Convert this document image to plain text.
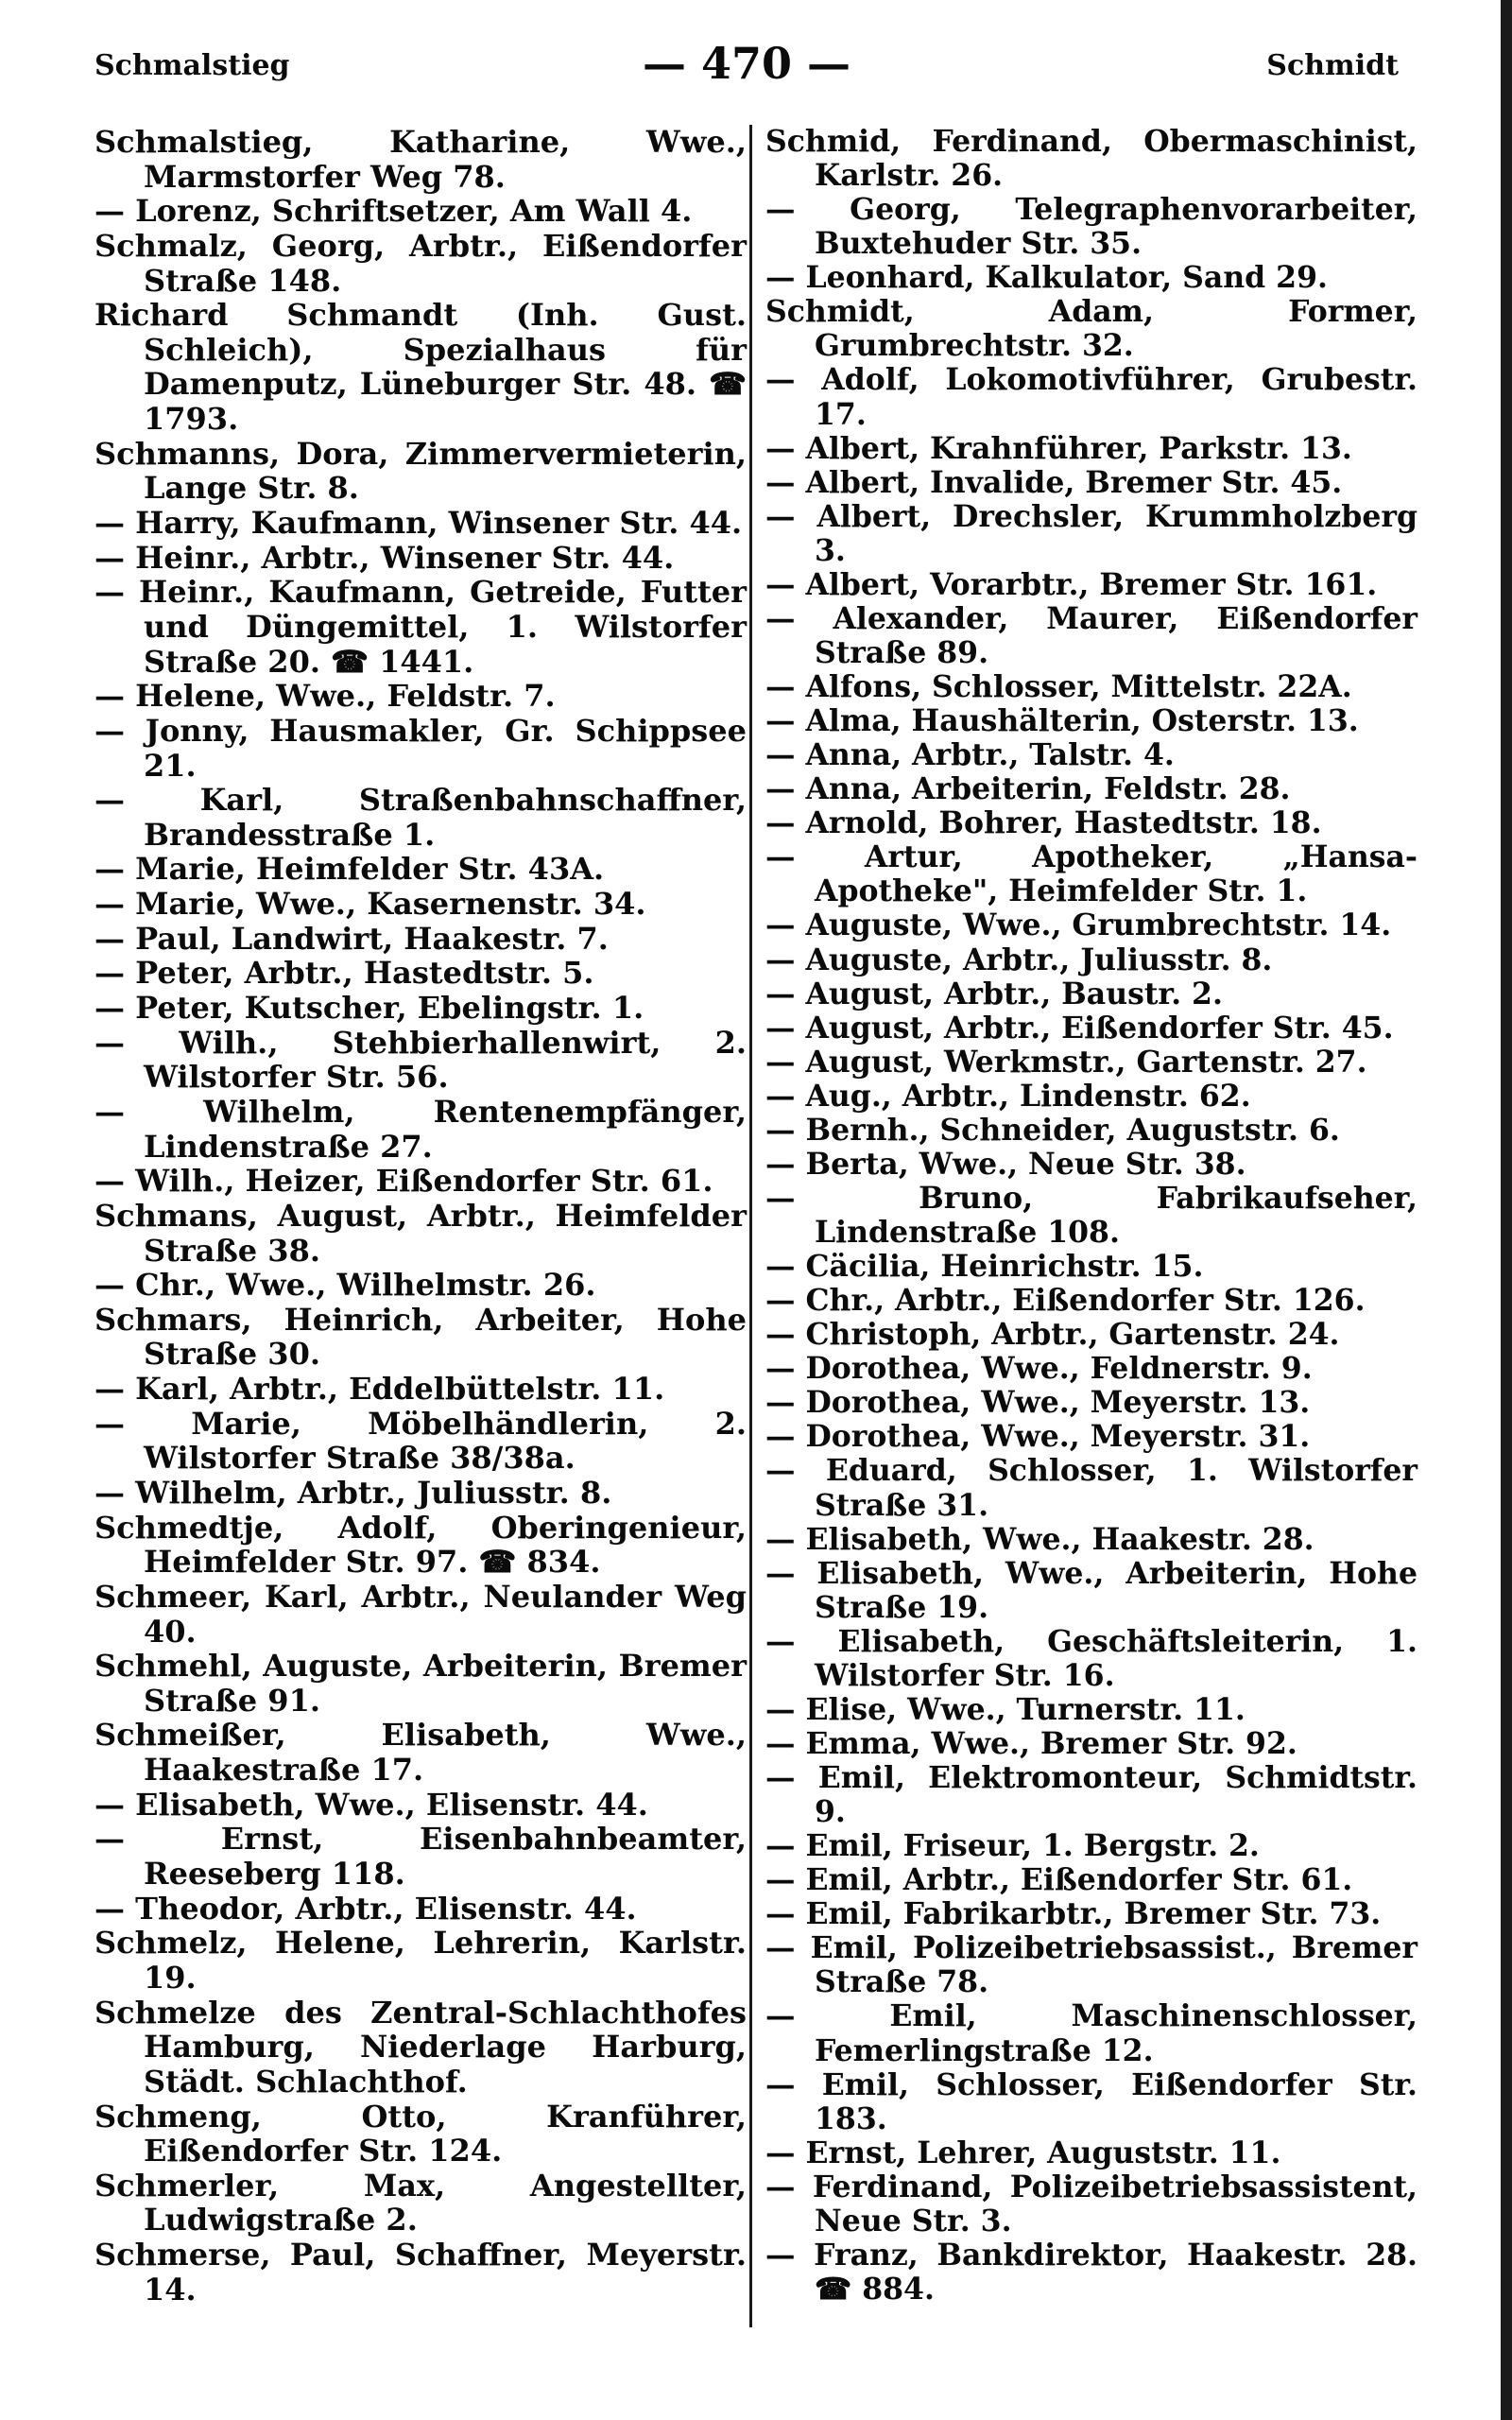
Schmalstieg	— 470 —	Schmidt

Schmalstieg, Katharine, Wwe., Marmstorfer Weg 78.

— Lorenz, Schriftsetzer, Am Wall 4.

Schmalz, Georg, Arbtr., Eißendorfer Straße 148.

Richard Schmandt (Inh. Gust. Schleich), Spezialhaus für Damenputz, Lüneburger Str. 48. ☎ 1793.

Schmanns, Dora, Zimmervermieterin, Lange Str. 8.

— Harry, Kaufmann, Winsener Str. 44.

— Heinr., Arbtr., Winsener Str. 44.

— Heinr., Kaufmann, Getreide, Futter und Düngemittel, 1. Wilstorfer Straße 20. ☎ 1441.

— Helene, Wwe., Feldstr. 7.

— Jonny, Hausmakler, Gr. Schippsee 21.

— Karl, Straßenbahnschaffner, Brandesstraße 1.

— Marie, Heimfelder Str. 43A.

— Marie, Wwe., Kasernenstr. 34.

— Paul, Landwirt, Haakestr. 7.

— Peter, Arbtr., Hastedtstr. 5.

— Peter, Kutscher, Ebelingstr. 1.

— Wilh., Stehbierhallenwirt, 2. Wilstorfer Str. 56.

— Wilhelm, Rentenempfänger, Lindenstraße 27.

— Wilh., Heizer, Eißendorfer Str. 61.

Schmans, August, Arbtr., Heimfelder Straße 38.

— Chr., Wwe., Wilhelmstr. 26.

Schmars, Heinrich, Arbeiter, Hohe Straße 30.

— Karl, Arbtr., Eddelbüttelstr. 11.

— Marie, Möbelhändlerin, 2. Wilstorfer Straße 38/38a.

— Wilhelm, Arbtr., Juliusstr. 8.

Schmedtje, Adolf, Oberingenieur, Heimfelder Str. 97. ☎ 834.

Schmeer, Karl, Arbtr., Neulander Weg 40.

Schmehl, Auguste, Arbeiterin, Bremer Straße 91.

Schmeißer, Elisabeth, Wwe., Haakestraße 17.

— Elisabeth, Wwe., Elisenstr. 44.

— Ernst, Eisenbahnbeamter, Reeseberg 118.

— Theodor, Arbtr., Elisenstr. 44.

Schmelz, Helene, Lehrerin, Karlstr. 19.

Schmelze des Zentral-Schlachthofes Hamburg, Niederlage Harburg, Städt. Schlachthof.

Schmeng, Otto, Kranführer, Eißendorfer Str. 124.

Schmerler, Max, Angestellter, Ludwigstraße 2.

Schmerse, Paul, Schaffner, Meyerstr. 14.

Schmid, Ferdinand, Obermaschinist, Karlstr. 26.

— Georg, Telegraphenvorarbeiter, Buxtehuder Str. 35.

— Leonhard, Kalkulator, Sand 29.

Schmidt, Adam, Former, Grumbrechtstr. 32.

— Adolf, Lokomotivführer, Grubestr. 17.

— Albert, Krahnführer, Parkstr. 13.

— Albert, Invalide, Bremer Str. 45.

— Albert, Drechsler, Krummholzberg 3.

— Albert, Vorarbtr., Bremer Str. 161.

— Alexander, Maurer, Eißendorfer Straße 89.

— Alfons, Schlosser, Mittelstr. 22A.

— Alma, Haushälterin, Osterstr. 13.

— Anna, Arbtr., Talstr. 4.

— Anna, Arbeiterin, Feldstr. 28.

— Arnold, Bohrer, Hastedtstr. 18.

— Artur, Apotheker, „Hansa-Apotheke", Heimfelder Str. 1.

— Auguste, Wwe., Grumbrechtstr. 14.

— Auguste, Arbtr., Juliusstr. 8.

— August, Arbtr., Baustr. 2.

— August, Arbtr., Eißendorfer Str. 45.

— August, Werkmstr., Gartenstr. 27.

— Aug., Arbtr., Lindenstr. 62.

— Bernh., Schneider, Auguststr. 6.

— Berta, Wwe., Neue Str. 38.

— Bruno, Fabrikaufseher, Lindenstraße 108.

— Cäcilia, Heinrichstr. 15.

— Chr., Arbtr., Eißendorfer Str. 126.

— Christoph, Arbtr., Gartenstr. 24.

— Dorothea, Wwe., Feldnerstr. 9.

— Dorothea, Wwe., Meyerstr. 13.

— Dorothea, Wwe., Meyerstr. 31.

— Eduard, Schlosser, 1. Wilstorfer Straße 31.

— Elisabeth, Wwe., Haakestr. 28.

— Elisabeth, Wwe., Arbeiterin, Hohe Straße 19.

— Elisabeth, Geschäftsleiterin, 1. Wilstorfer Str. 16.

— Elise, Wwe., Turnerstr. 11.

— Emma, Wwe., Bremer Str. 92.

— Emil, Elektromonteur, Schmidtstr. 9.

— Emil, Friseur, 1. Bergstr. 2.

— Emil, Arbtr., Eißendorfer Str. 61.

— Emil, Fabrikarbtr., Bremer Str. 73.

— Emil, Polizeibetriebsassist., Bremer Straße 78.

— Emil, Maschinenschlosser, Femerlingstraße 12.

— Emil, Schlosser, Eißendorfer Str. 183.

— Ernst, Lehrer, Auguststr. 11.

— Ferdinand, Polizeibetriebsassistent, Neue Str. 3.

— Franz, Bankdirektor, Haakestr. 28. ☎ 884.
